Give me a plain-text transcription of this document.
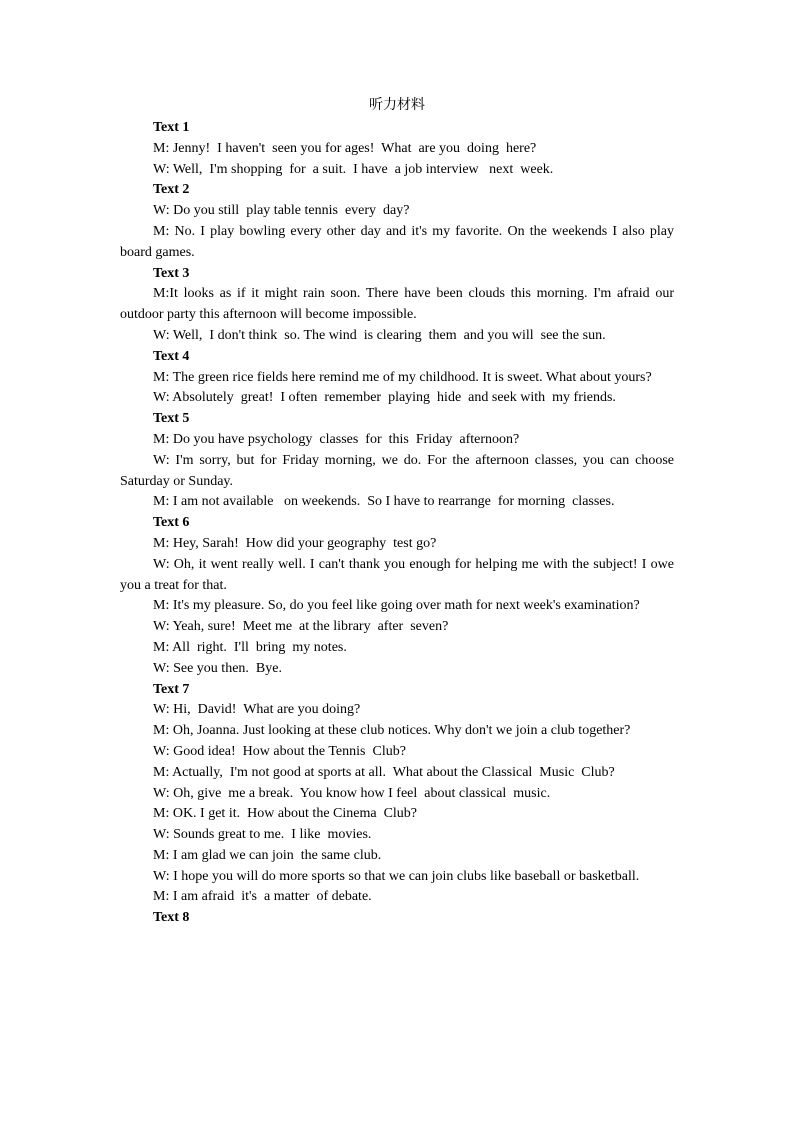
听力材料

Text 1

M: Jenny!  I haven't  seen you for ages!  What  are you  doing  here?

W: Well,  I'm shopping  for  a suit.  I have  a job interview   next  week.

Text 2

W: Do you still  play table tennis  every  day?

M: No. I play bowling every other day and it's my favorite. On the weekends I also play board games.

Text 3

M:It looks as if it might rain soon. There have been clouds this morning. I'm afraid our outdoor party this afternoon will become impossible.

W: Well,  I don't think  so. The wind  is clearing  them  and you will  see the sun.

Text 4

M: The green rice fields here remind me of my childhood. It is sweet. What about yours?

W: Absolutely  great!  I often  remember  playing  hide  and seek with  my friends.

Text 5

M: Do you have psychology  classes  for  this  Friday  afternoon?

W: I'm sorry, but for Friday morning, we do. For the afternoon classes, you can choose Saturday or Sunday.

M: I am not available   on weekends.  So I have to rearrange  for morning  classes.

Text 6

M: Hey, Sarah!  How did your geography  test go?

W: Oh, it went really well. I can't thank you enough for helping me with the subject! I owe you a treat for that.

M: It's my pleasure. So, do you feel like going over math for next week's examination?

W: Yeah, sure!  Meet me  at the library  after  seven?

M: All  right.  I'll  bring  my notes.

W: See you then.  Bye.

Text 7

W: Hi,  David!  What are you doing?

M: Oh, Joanna. Just looking at these club notices. Why don't we join a club together?

W: Good idea!  How about the Tennis  Club?

M: Actually,  I'm not good at sports at all.  What about the Classical  Music  Club?

W: Oh, give  me a break.  You know how I feel  about classical  music.

M: OK. I get it.  How about the Cinema  Club?

W: Sounds great to me.  I like  movies.

M: I am glad we can join  the same club.

W: I hope you will do more sports so that we can join clubs like baseball or basketball.

M: I am afraid  it's  a matter  of debate.

Text 8
